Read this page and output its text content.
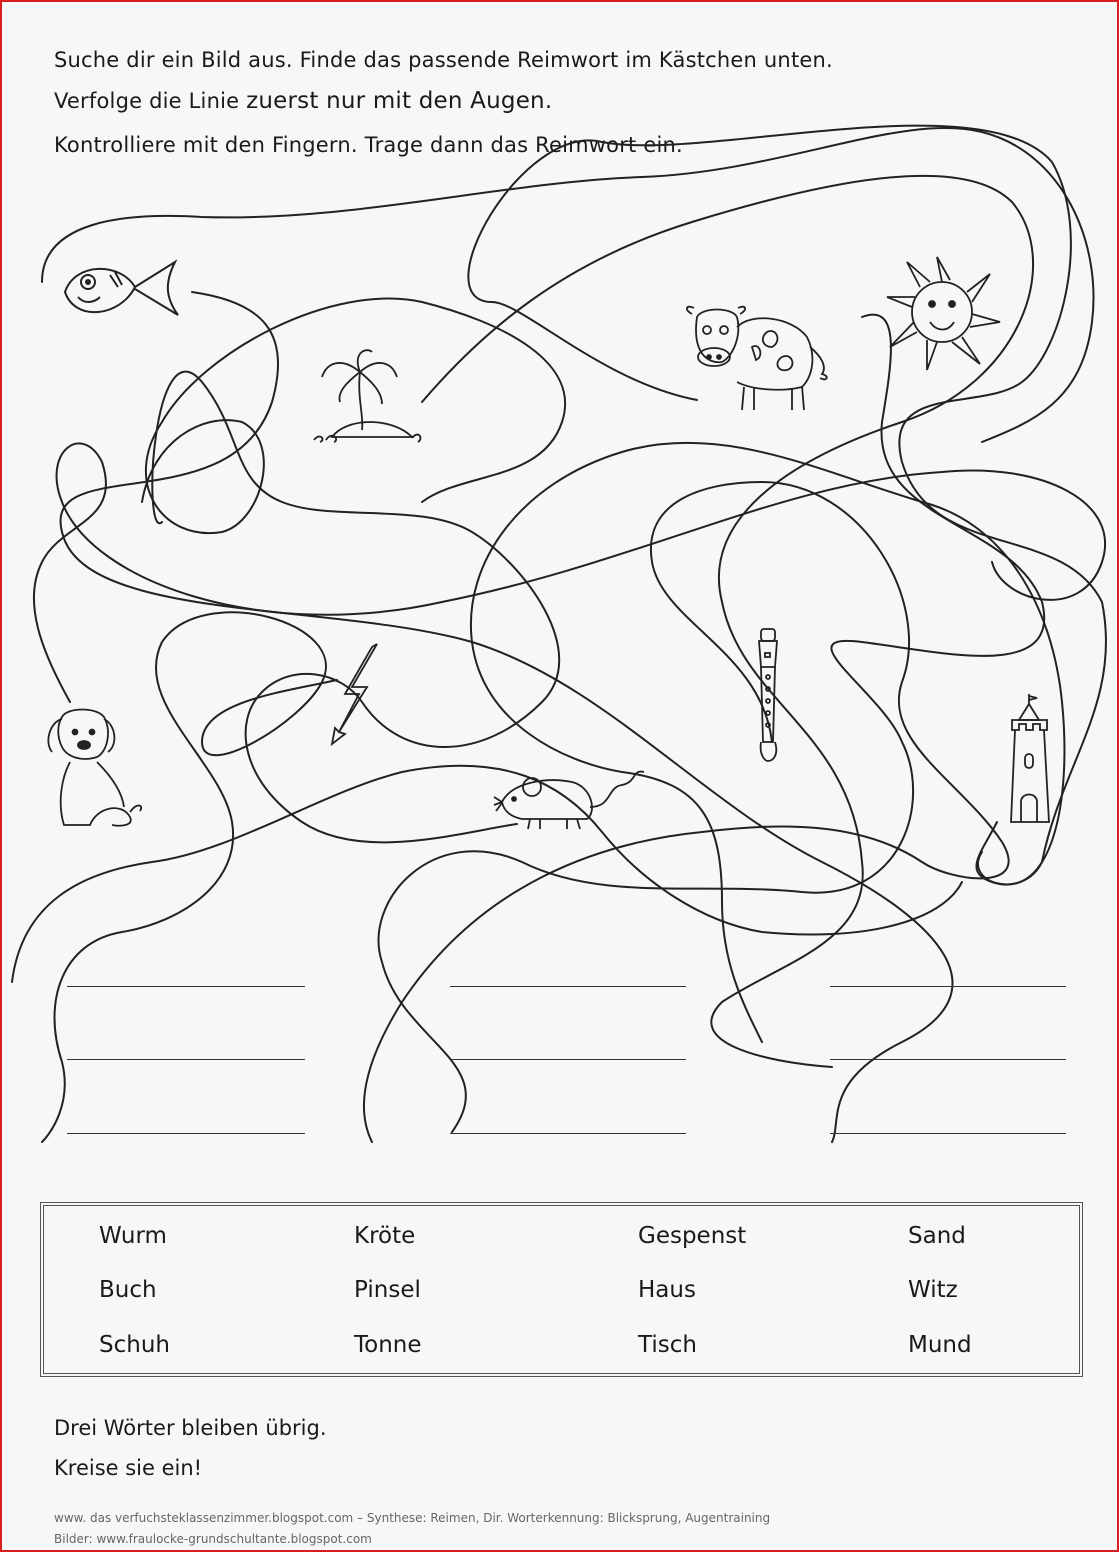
Suche dir ein Bild aus. Finde das passende Reimwort im Kästchen unten.

Verfolge die Linie zuerst nur mit den Augen.

Kontrolliere mit den Fingern. Trage dann das Reimwort ein.

Wurm	Kröte	Gespenst	Sand
Buch	Pinsel	Haus	Witz
Schuh	Tonne	Tisch	Mund

Drei Wörter bleiben übrig.

Kreise sie ein!

www. das verfuchsteklassenzimmer.blogspot.com – Synthese: Reimen, Dir. Worterkennung: Blicksprung, Augentraining

Bilder: www.fraulocke-grundschultante.blogspot.com
